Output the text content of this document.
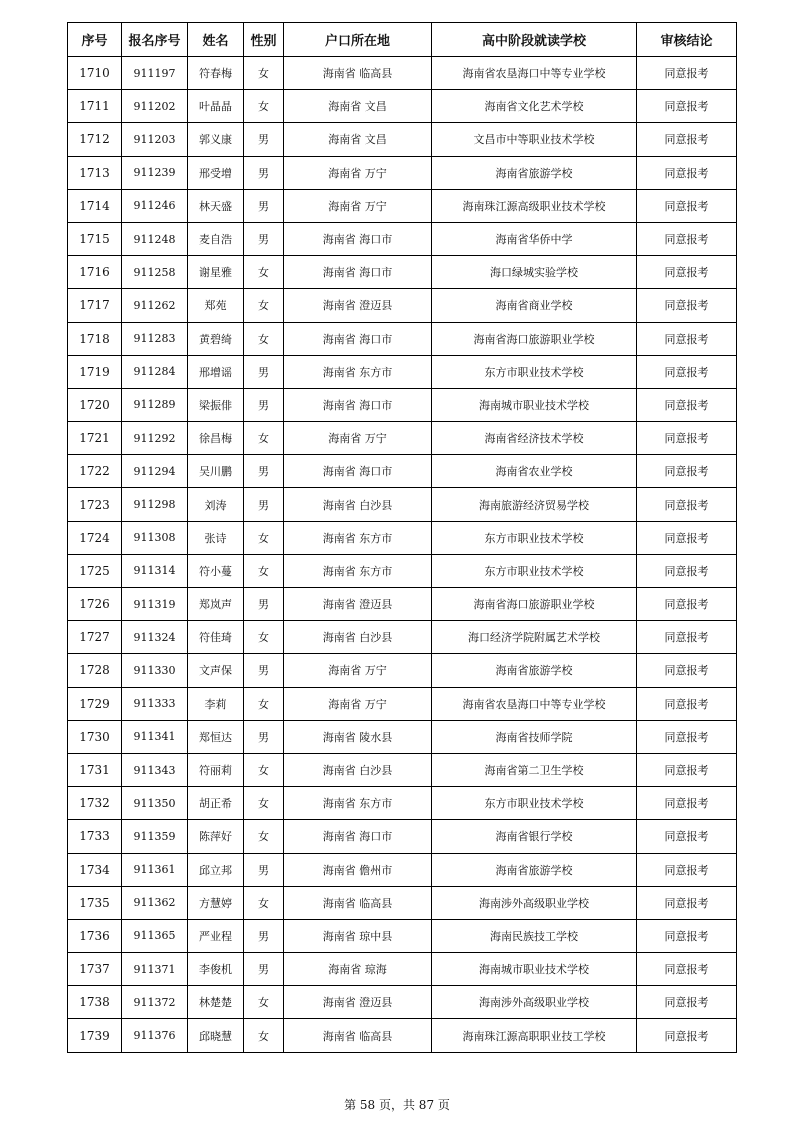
序号	报名序号	姓名	性别	户口所在地	高中阶段就读学校	审核结论
1710	911197	符春梅	女	海南省 临高县	海南省农垦海口中等专业学校	同意报考
1711	911202	叶晶晶	女	海南省 文昌	海南省文化艺术学校	同意报考
1712	911203	郭义康	男	海南省 文昌	文昌市中等职业技术学校	同意报考
1713	911239	邢受增	男	海南省 万宁	海南省旅游学校	同意报考
1714	911246	林天盛	男	海南省 万宁	海南珠江源高级职业技术学校	同意报考
1715	911248	麦自浩	男	海南省 海口市	海南省华侨中学	同意报考
1716	911258	谢星雅	女	海南省 海口市	海口绿城实验学校	同意报考
1717	911262	郑苑	女	海南省 澄迈县	海南省商业学校	同意报考
1718	911283	黄碧绮	女	海南省 海口市	海南省海口旅游职业学校	同意报考
1719	911284	邢增谣	男	海南省 东方市	东方市职业技术学校	同意报考
1720	911289	梁振俳	男	海南省 海口市	海南城市职业技术学校	同意报考
1721	911292	徐昌梅	女	海南省 万宁	海南省经济技术学校	同意报考
1722	911294	吴川鹏	男	海南省 海口市	海南省农业学校	同意报考
1723	911298	刘涛	男	海南省 白沙县	海南旅游经济贸易学校	同意报考
1724	911308	张诗	女	海南省 东方市	东方市职业技术学校	同意报考
1725	911314	符小蔓	女	海南省 东方市	东方市职业技术学校	同意报考
1726	911319	郑岚声	男	海南省 澄迈县	海南省海口旅游职业学校	同意报考
1727	911324	符佳琦	女	海南省 白沙县	海口经济学院附属艺术学校	同意报考
1728	911330	文声保	男	海南省 万宁	海南省旅游学校	同意报考
1729	911333	李莉	女	海南省 万宁	海南省农垦海口中等专业学校	同意报考
1730	911341	郑恒达	男	海南省 陵水县	海南省技师学院	同意报考
1731	911343	符丽莉	女	海南省 白沙县	海南省第二卫生学校	同意报考
1732	911350	胡正希	女	海南省 东方市	东方市职业技术学校	同意报考
1733	911359	陈萍好	女	海南省 海口市	海南省银行学校	同意报考
1734	911361	邱立邦	男	海南省 儋州市	海南省旅游学校	同意报考
1735	911362	方慧婷	女	海南省 临高县	海南涉外高级职业学校	同意报考
1736	911365	严业程	男	海南省 琼中县	海南民族技工学校	同意报考
1737	911371	李俊机	男	海南省 琼海	海南城市职业技术学校	同意报考
1738	911372	林楚楚	女	海南省 澄迈县	海南涉外高级职业学校	同意报考
1739	911376	邱晓慧	女	海南省 临高县	海南珠江源高职职业技工学校	同意报考
第 58 页，共 87 页
